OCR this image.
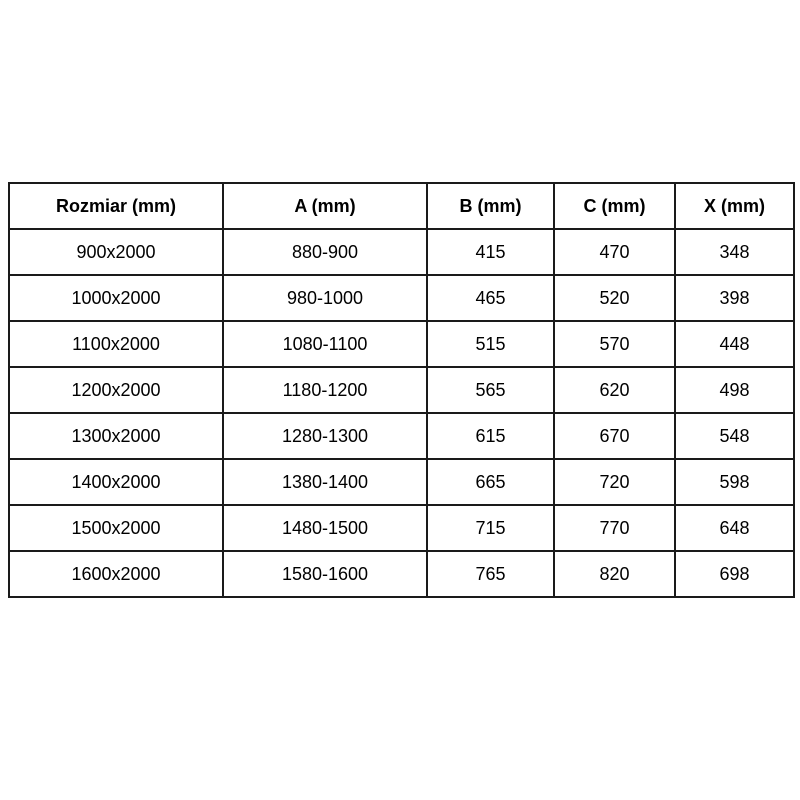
Rozmiar (mm)	A (mm)	B (mm)	C (mm)	X (mm)
900x2000	880-900	415	470	348
1000x2000	980-1000	465	520	398
1100x2000	1080-1100	515	570	448
1200x2000	1180-1200	565	620	498
1300x2000	1280-1300	615	670	548
1400x2000	1380-1400	665	720	598
1500x2000	1480-1500	715	770	648
1600x2000	1580-1600	765	820	698
